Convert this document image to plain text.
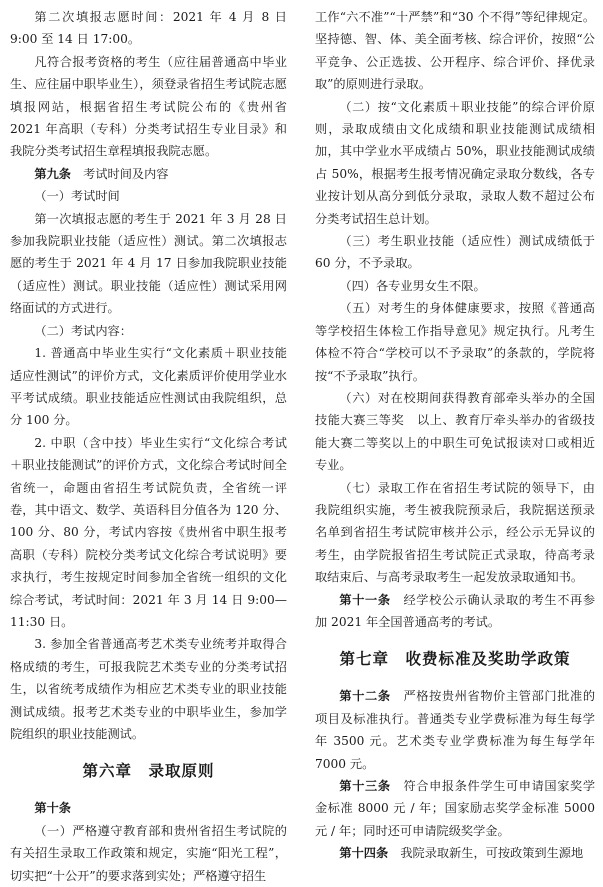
第二次填报志愿时间：2021 年 4 月 8 日 9:00 至 14 日 17:00。

凡符合报考资格的考生（应往届普通高中毕业生、应往届中职毕业生），须登录省招生考试院志愿填报网站，根据省招生考试院公布的《贵州省 2021 年高职（专科）分类考试招生专业目录》和我院分类考试招生章程填报我院志愿。

第九条　考试时间及内容

（一）考试时间

第一次填报志愿的考生于 2021 年 3 月 28 日参加我院职业技能（适应性）测试。第二次填报志愿的考生于 2021 年 4 月 17 日参加我院职业技能（适应性）测试。职业技能（适应性）测试采用网络面试的方式进行。

（二）考试内容：

1. 普通高中毕业生实行“文化素质＋职业技能适应性测试”的评价方式，文化素质评价使用学业水平考试成绩。职业技能适应性测试由我院组织，总分 100 分。

2. 中职（含中技）毕业生实行“文化综合考试＋职业技能测试”的评价方式，文化综合考试时间全省统一，命题由省招生考试院负责，全省统一评卷，其中语文、数学、英语科目分值各为 120 分、100 分、80 分，考试内容按《贵州省中职生报考高职（专科）院校分类考试文化综合考试说明》要求执行，考生按规定时间参加全省统一组织的文化综合考试，考试时间：2021 年 3 月 14 日 9:00—11:30 日。

3. 参加全省普通高考艺术类专业统考并取得合格成绩的考生，可报我院艺术类专业的分类考试招生，以省统考成绩作为相应艺术类专业的职业技能测试成绩。报考艺术类专业的中职毕业生，参加学院组织的职业技能测试。

第六章　录取原则

第十条

（一）严格遵守教育部和贵州省招生考试院的有关招生录取工作政策和规定，实施“阳光工程”，切实把“十公开”的要求落到实处；严格遵守招生

工作“六不准”“十严禁”和“30 个不得”等纪律规定。坚持德、智、体、美全面考核、综合评价，按照“公平竞争、公正选拔、公开程序、综合评价、择优录取”的原则进行录取。

（二）按“文化素质＋职业技能”的综合评价原则，录取成绩由文化成绩和职业技能测试成绩相加，其中学业水平成绩占 50%，职业技能测试成绩占 50%，根据考生报考情况确定录取分数线，各专业按计划从高分到低分录取，录取人数不超过公布分类考试招生总计划。

（三）考生职业技能（适应性）测试成绩低于 60 分，不予录取。

（四）各专业男女生不限。

（五）对考生的身体健康要求，按照《普通高等学校招生体检工作指导意见》规定执行。凡考生体检不符合“学校可以不予录取”的条款的，学院将按“不予录取”执行。

（六）对在校期间获得教育部牵头举办的全国技能大赛三等奖　以上、教育厅牵头举办的省级技能大赛二等奖以上的中职生可免试报读对口或相近专业。

（七）录取工作在省招生考试院的领导下，由我院组织实施，考生被我院预录后，我院据送预录名单到省招生考试院审核并公示，经公示无异议的考生，由学院报省招生考试院正式录取，待高考录取结束后、与高考录取考生一起发放录取通知书。

第十一条　经学校公示确认录取的考生不再参加 2021 年全国普通高考的考试。

第七章　收费标准及奖助学政策

第十二条　严格按贵州省物价主管部门批准的项目及标准执行。普通类专业学费标准为每生每学年 3500 元。艺术类专业学费标准为每生每学年 7000 元。

第十三条　符合申报条件学生可申请国家奖学金标准 8000 元 / 年；国家励志奖学金标准 5000 元 / 年；同时还可申请院级奖学金。

第十四条　我院录取新生，可按政策到生源地
